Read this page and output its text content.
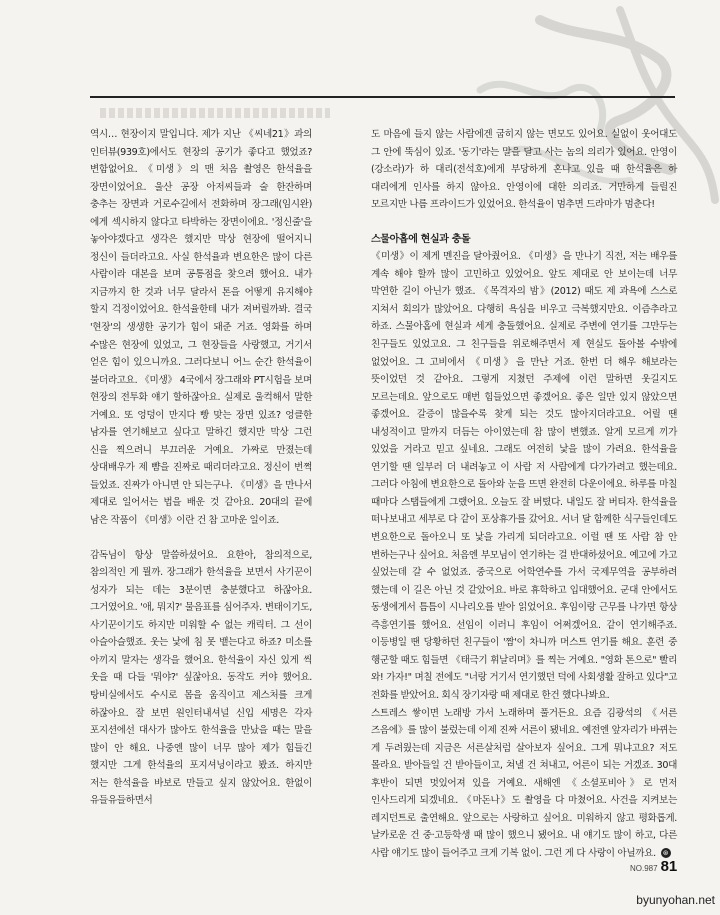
역시… 현장이지 말입니다. 제가 지난 《씨네21》과의 인터뷰(939호)에서도 현장의 공기가 좋다고 했었죠? 변함없어요. 《미생》의 맨 처음 촬영은 한석율을 장면이었어요. 울산 공장 아저씨들과 술 한잔하며 충추는 장면과 거로수길에서 전화하며 장그래(임시완)에게 섹시하지 않다고 타박하는 장면이에요. '정신줄'을 놓아야겠다고 생각은 했지만 막상 현장에 떨어지니 정신이 들더라고요. 사실 한석율과 변요한은 많이 다른 사람이라 대본을 보며 공통점을 찾으려 했어요. 내가 지금까지 한 것과 너무 달라서 톤을 어떻게 유지해야 할지 걱정이었어요. 한석율한테 내가 져버릴까봐. 결국 '현장'의 생생한 공기가 힘이 돼준 거죠. 영화를 하며 수많은 현장에 있었고, 그 현장들을 사랑했고, 거기서 얻은 힘이 있으니까요. 그러다보니 어느 순간 한석율이 불더라고요. 《미생》 4국에서 장그래와 PT시험을 보며 현장의 전투화 얘기 할하잖아요. 실제로 울컥해서 말한 거예요. 또 엉덩이 만지다 빵 맞는 장면 있죠? 엉클한 남자를 연기해보고 싶다고 말하긴 했지만 막상 그런 신을 찍으려니 부끄러운 거예요. 가짜로 만졌는데 상대배우가 제 뺨을 진짜로 때리더라고요. 정신이 번쩍 들었죠. 진짜가 아니면 안 되는구나. 《미생》을 만나서 제대로 일어서는 법을 배운 것 같아요. 20대의 끝에 남은 작품이 《미생》이란 건 참 고마운 일이죠.

감독님이 항상 말씀하셨어요. 요한아, 참의적으로, 참의적인 게 뭘까. 장그래가 한석율을 보면서 사기꾼이 성자가 되는 데는 3분이면 충분했다고 하잖아요. 그거였어요. '애, 뭐지?' 물음표를 심어주자. 변태이기도, 사기꾼이기도 하지만 미워할 수 없는 캐릭터. 그 선이 아슬아슬했죠. 웃는 낯에 침 못 뱉는다고 하죠? 미소를 아끼지 말자는 생각을 했어요. 한석율이 자신 있게 씩 웃을 때 다들 '뭐야?' 싶잖아요. 동작도 커야 했어요. 탕비실에서도 수시로 몸을 움직이고 제스처를 크게 하잖아요. 잘 보면 원인터내셔널 신입 세명은 각자 포지션에선 대사가 많아도 한석율을 만났을 때는 말을 많이 안 해요. 나중엔 많이 너무 많아 제가 힘들긴 했지만 그게 한석율의 포지셔닝이라고 봤죠. 하지만 저는 한석율을 바보로 만들고 싶지 않았어요. 한없이 유들유들하면서

도 마음에 들지 않는 사람에겐 굽히지 않는 면모도 있어요. 실없이 웃어대도 그 안에 뚝심이 있죠. '동기'라는 말을 달고 사는 놈의 의리가 있어요. 안영이(강소라)가 하 대리(전석호)에게 부당하게 혼나고 있을 때 한석율은 하 대리에게 인사를 하지 않아요. 안영이에 대한 의리죠. 거만하게 들릴진 모르지만 나름 프라이드가 있었어요. 한석율이 멈추면 드라마가 멈춘다!

스물아홉에 현실과 충돌

《미생》이 제게 멘진을 달아줬어요. 《미생》을 만나기 직전, 저는 배우를 계속 해야 할까 많이 고민하고 있었어요. 앞도 제대로 안 보이는데 너무 막연한 길이 아닌가 했죠. 《목격자의 밤》(2012) 때도 제 과욕에 스스로 지쳐서 회의가 많았어요. 다행히 욕심을 비우고 극복했지만요. 이즘추라고 하죠. 스물아홉에 현실과 세게 충돌했어요. 실제로 주변에 연기를 그만두는 친구들도 있었고요. 그 친구들을 위로해주면서 제 현실도 돌아볼 수밖에 없었어요. 그 고비에서 《미생》을 만난 거죠. 한번 더 해우 해보라는 뜻이었던 것 같아요. 그렇게 지쳤던 주제에 이런 말하면 웃길지도 모르는데요. 앞으로도 매번 힘들었으면 좋겠어요. 좋은 일만 있지 않았으면 좋겠어요. 갈증이 많을수록 찾게 되는 것도 많아지더라고요. 어릴 땐 내성적이고 말까지 더듬는 아이였는데 참 많이 변했죠. 알게 모르게 끼가 있었을 거라고 믿고 싶네요. 그래도 여전히 낯을 많이 가려요. 한석율을 연기할 땐 일부러 더 내려놓고 이 사람 저 사람에게 다가가려고 했는데요. 그러다 아침에 변요한으로 돌아와 눈을 뜨면 완전히 다운이에요. 하루를 마칠 때마다 스탭들에게 그랬어요. 오늘도 잘 버텼다. 내일도 잘 버티자. 한석율을 떠나보내고 세부로 다 같이 포상휴가를 갔어요. 서너 달 함께한 식구들인데도 변요한으로 돌아오니 또 낯을 가리게 되더라고요. 이럴 땐 또 사람 참 안 변하는구나 싶어요. 처음엔 부모님이 연기하는 걸 반대하셨어요. 예고에 가고 싶었는데 갈 수 없었죠. 중국으로 어학연수를 가서 국제무역을 공부하려 했는데 이 길은 아닌 것 같았어요. 바로 휴학하고 입대했어요. 군대 안에서도 동생에게서 틈틈이 시나리오를 받아 읽었어요. 후임이랑 근무를 나가면 항상 즉흥연기를 했어요. 선임이 이러니 후임이 어쩌겠어요. 같이 연기해주죠. 이등병일 땐 당황하던 친구들이 '짬'이 차니까 머스트 연기를 해요. 훈련 중 행군할 때도 힘들면 《태극기 휘날리며》를 찍는 거예요. "영화 톤으로" 빨리 와! 가자!" 며칠 전에도 "너랑 거기서 연기했던 덕에 사회생활 잘하고 있다"고 전화를 받았어요. 회식 장기자랑 때 제대로 한건 했다나봐요.

스트레스 쌓이면 노래방 가서 노래하며 풀거든요. 요즘 김광석의 《서른 즈음에》를 많이 불렀는데 이제 진짜 서른이 됐네요. 예전엔 앞자리가 바뀌는 게 두려웠는데 지금은 서른살처럼 살아보자 싶어요. 그게 뭐냐고요? 저도 몰라요. 받아들일 건 받아들이고, 쳐낼 건 쳐내고, 어른이 되는 거겠죠. 30대 후반이 되면 멋있어져 있을 거예요. 새해엔 《소셜포비아》로 먼저 인사드리게 되겠네요. 《마돈나》도 촬영을 다 마쳤어요. 사건을 지켜보는 레지던트로 출연해요. 앞으로는 사랑하고 싶어요. 미워하지 않고 평화롭게. 날카로운 건 중·고등학생 때 많이 했으니 됐어요. 내 얘기도 많이 하고, 다른 사람 얘기도 많이 들어주고 크게 기복 없이. 그런 게 다 사랑이 아닐까요. ⊛

NO.987 81
byunyohan.net
